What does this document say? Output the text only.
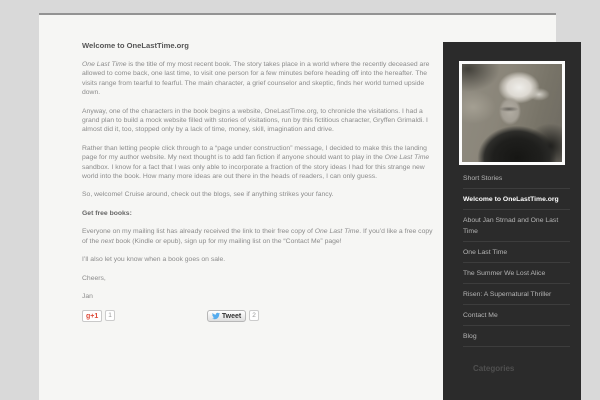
Welcome to OneLastTime.org

One Last Time is the title of my most recent book. The story takes place in a world where the recently deceased are allowed to come back, one last time, to visit one person for a few minutes before heading off into the hereafter. The visits range from tearful to fearful. The main character, a grief counselor and skeptic, finds her world turned upside down.

Anyway, one of the characters in the book begins a website, OneLastTime.org, to chronicle the visitations. I had a grand plan to build a mock website filled with stories of visitations, run by this fictitious character, Gryffen Grimaldi. I almost did it, too, stopped only by a lack of time, money, skill, imagination and drive.

Rather than letting people click through to a “page under construction” message, I decided to make this the landing page for my author website. My next thought is to add fan fiction if anyone should want to play in the One Last Time sandbox. I know for a fact that I was only able to incorporate a fraction of the story ideas I had for this strange new world into the book. How many more ideas are out there in the heads of readers, I can only guess.

So, welcome! Cruise around, check out the blogs, see if anything strikes your fancy.

Get free books:

Everyone on my mailing list has already received the link to their free copy of One Last Time. If you’d like a free copy of the next book (Kindle or epub), sign up for my mailing list on the “Contact Me” page!

I’ll also let you know when a book goes on sale.

Cheers,

Jan

g+1	1	Tweet	2
Short Stories
Welcome to OneLastTime.org
About Jan Strnad and One Last Time
One Last Time
The Summer We Lost Alice
Risen: A Supernatural Thriller
Contact Me
Blog
Categories
